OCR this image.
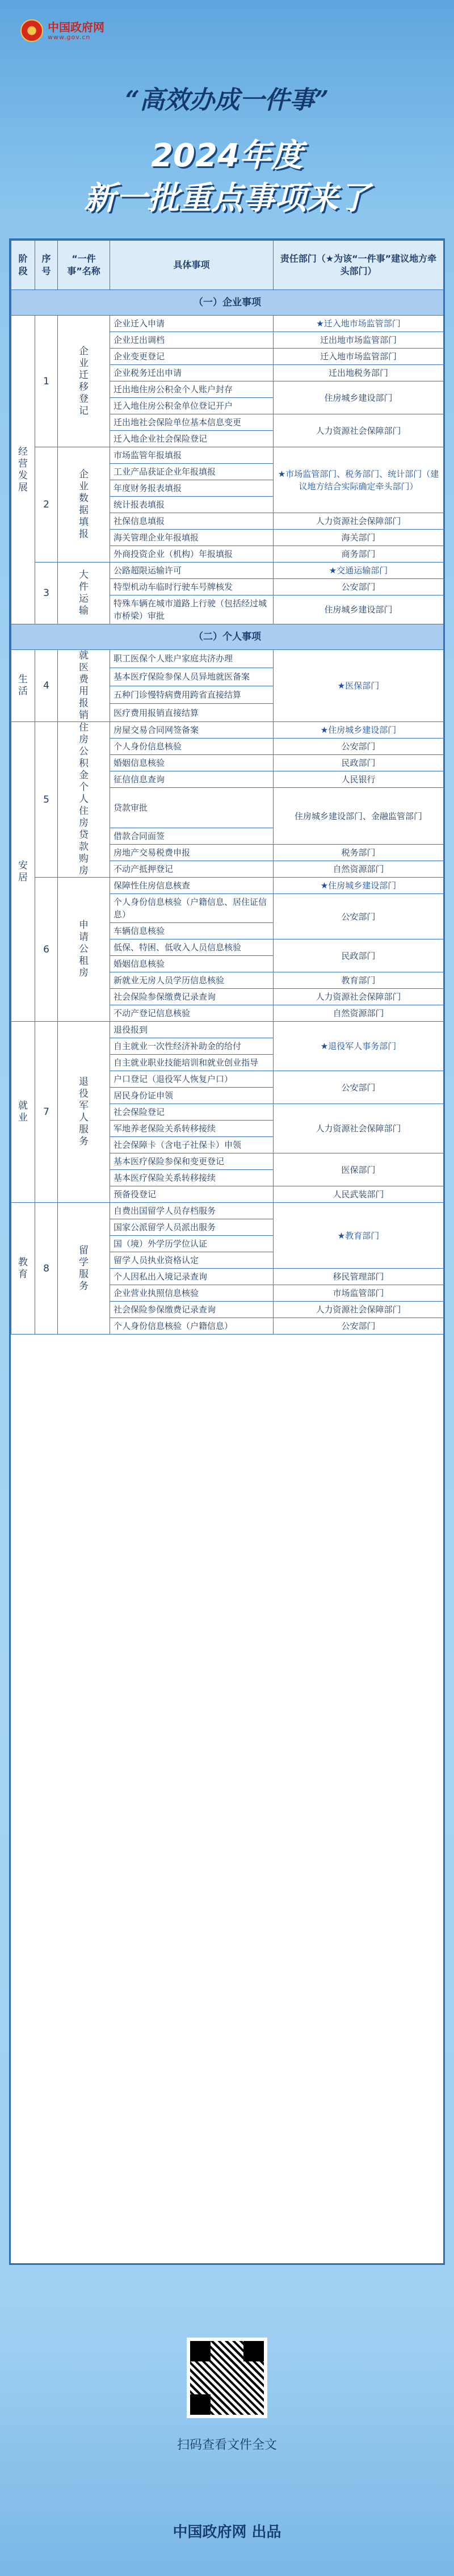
中国政府网
www.gov.cn
“高效办成一件事”
2024年度
新一批重点事项来了
阶段	序号	“一件事”名称	具体事项	责任部门（★为该“一件事”建议地方牵头部门）
（一）企业事项				
经营发展	1	企业迁移登记	企业迁入申请	★迁入地市场监管部门
			企业迁出调档	迁出地市场监管部门
			企业变更登记	迁入地市场监管部门
			企业税务迁出申请	迁出地税务部门
			迁出地住房公积金个人账户封存	住房城乡建设部门
			迁入地住房公积金单位登记开户	
			迁出地社会保险单位基本信息变更	人力资源社会保障部门
			迁入地企业社会保险登记	
	2	企业数据填报	市场监管年报填报	★市场监管部门、税务部门、统计部门（建议地方结合实际确定牵头部门）
			工业产品获证企业年报填报	
			年度财务报表填报	
			统计报表填报	
			社保信息填报	人力资源社会保障部门
			海关管理企业年报填报	海关部门
			外商投资企业（机构）年报填报	商务部门
	3	大件运输	公路超限运输许可	★交通运输部门
			特型机动车临时行驶车号牌核发	公安部门
			特殊车辆在城市道路上行驶（包括经过城市桥梁）审批	住房城乡建设部门
（二）个人事项				
生活	4	就医费用报销	职工医保个人账户家庭共济办理	★医保部门
			基本医疗保险参保人员异地就医备案	
			五种门诊慢特病费用跨省直接结算	
			医疗费用报销直接结算	
安居	5	住房公积金个人住房贷款购房	房屋交易合同网签备案	★住房城乡建设部门
			个人身份信息核验	公安部门
			婚姻信息核验	民政部门
			征信信息查询	人民银行
			贷款审批	住房城乡建设部门、金融监管部门
			借款合同面签	
			房地产交易税费申报	税务部门
			不动产抵押登记	自然资源部门
	6	申请公租房	保障性住房信息核查	★住房城乡建设部门
			个人身份信息核验（户籍信息、居住证信息）	公安部门
			车辆信息核验	
			低保、特困、低收入人员信息核验	民政部门
			婚姻信息核验	
			新就业无房人员学历信息核验	教育部门
			社会保险参保缴费记录查询	人力资源社会保障部门
			不动产登记信息核验	自然资源部门
就业	7	退役军人服务	退役报到	★退役军人事务部门
			自主就业一次性经济补助金的给付	
			自主就业职业技能培训和就业创业指导	
			户口登记（退役军人恢复户口）	公安部门
			居民身份证申领	
			社会保险登记	人力资源社会保障部门
			军地养老保险关系转移接续	
			社会保障卡（含电子社保卡）申领	
			基本医疗保险参保和变更登记	医保部门
			基本医疗保险关系转移接续	
			预备役登记	人民武装部门
教育	8	留学服务	自费出国留学人员存档服务	★教育部门
			国家公派留学人员派出服务	
			国（境）外学历学位认证	
			留学人员执业资格认定	
			个人因私出入境记录查询	移民管理部门
			企业营业执照信息核验	市场监管部门
			社会保险参保缴费记录查询	人力资源社会保障部门
			个人身份信息核验（户籍信息）	公安部门
扫码查看文件全文
中国政府网 出品
